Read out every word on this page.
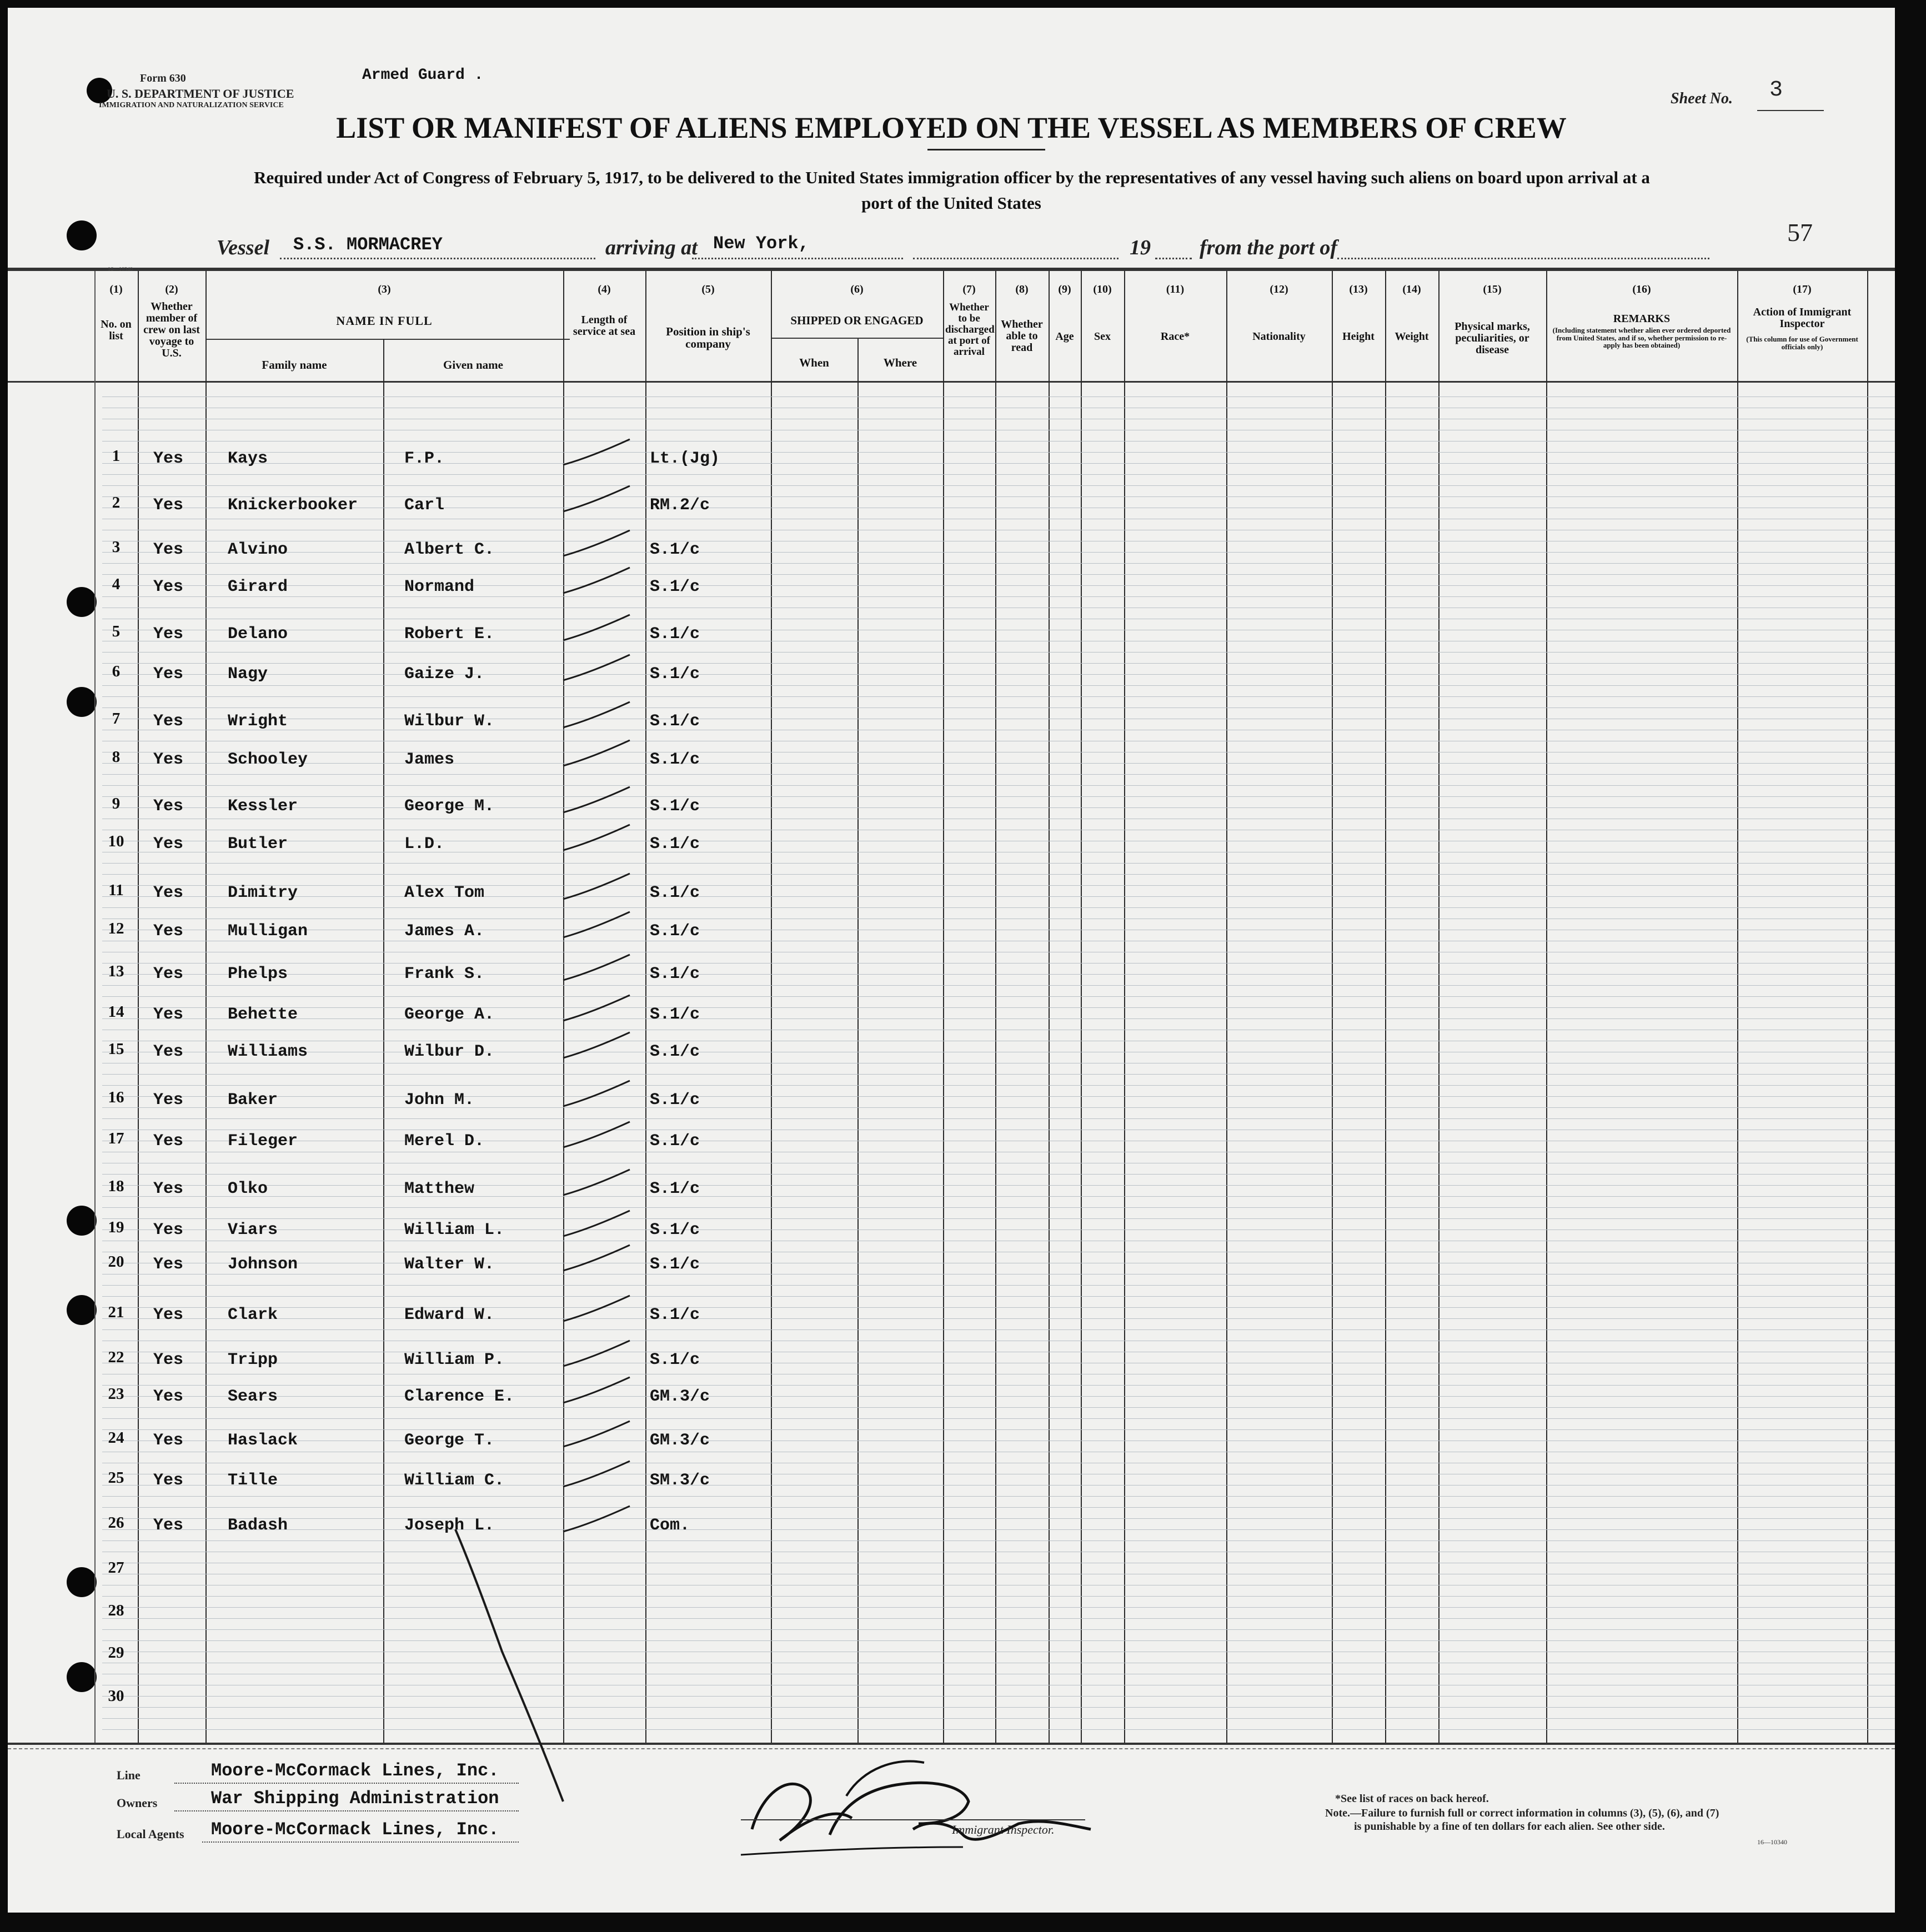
Form 630
U. S. DEPARTMENT OF JUSTICE
IMMIGRATION AND NATURALIZATION SERVICE
Armed Guard .
Sheet No. 3
LIST OR MANIFEST OF ALIENS EMPLOYED ON THE VESSEL AS MEMBERS OF CREW
Required under Act of Congress of February 5, 1917, to be delivered to the United States immigration officer by the representatives of any vessel having such aliens on board upon arrival at a
port of the United States
Vessel S.S. MORMACREY	arriving at New York,	19 from the port of
57
16—10340
(1)
No. on list
(2)
Whether member of crew on last voyage to U.S.
(3)
NAME IN FULL
Family name	Given name
(4)
Length of service at sea
(5)
Position in ship's company
(6)
SHIPPED OR ENGAGED
When	Where
(7)
Whether to be discharged at port of arrival
(8)
Whether able to read
(9)
Age
(10)
Sex
(11)
Race*
(12)
Nationality
(13)
Height
(14)
Weight
(15)
Physical marks, peculiarities, or disease
(16)
REMARKS
(Including statement whether alien ever ordered deported from United States, and if so, whether permission to re-apply has been obtained)
(17)
Action of Immigrant Inspector
(This column for use of Government officials only)
1	Yes	Kays	F.P.	Lt.(Jg)
2	Yes	Knickerbooker	Carl	RM.2/c
3	Yes	Alvino	Albert C.	S.1/c
4	Yes	Girard	Normand	S.1/c
5	Yes	Delano	Robert E.	S.1/c
6	Yes	Nagy	Gaize J.	S.1/c
7	Yes	Wright	Wilbur W.	S.1/c
8	Yes	Schooley	James	S.1/c
9	Yes	Kessler	George M.	S.1/c
10	Yes	Butler	L.D.	S.1/c
11	Yes	Dimitry	Alex Tom	S.1/c
12	Yes	Mulligan	James A.	S.1/c
13	Yes	Phelps	Frank S.	S.1/c
14	Yes	Behette	George A.	S.1/c
15	Yes	Williams	Wilbur D.	S.1/c
16	Yes	Baker	John M.	S.1/c
17	Yes	Fileger	Merel D.	S.1/c
18	Yes	Olko	Matthew	S.1/c
19	Yes	Viars	William L.	S.1/c
20	Yes	Johnson	Walter W.	S.1/c
21	Yes	Clark	Edward W.	S.1/c
22	Yes	Tripp	William P.	S.1/c
23	Yes	Sears	Clarence E.	GM.3/c
24	Yes	Haslack	George T.	GM.3/c
25	Yes	Tille	William C.	SM.3/c
26	Yes	Badash	Joseph L.	Com.
27
28
29
30
Line	Moore-McCormack Lines, Inc.
Owners	War Shipping Administration
Local Agents Moore-McCormack Lines, Inc.	Immigrant Inspector.
*See list of races on back hereof.
Note.—Failure to furnish full or correct information in columns (3), (5), (6), and (7)
is punishable by a fine of ten dollars for each alien. See other side.
16—10340
